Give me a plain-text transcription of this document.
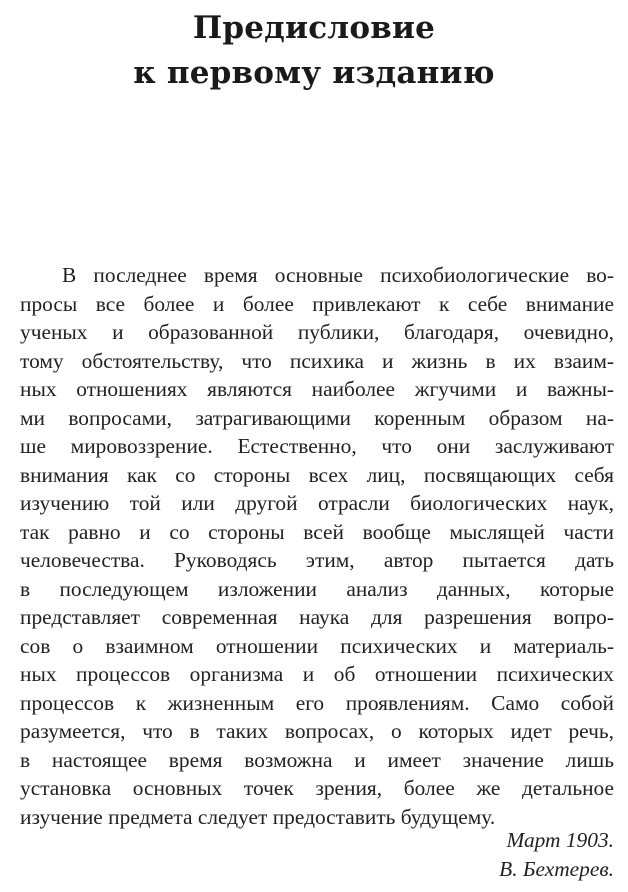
Предисловие
к первому изданию
В последнее время основные психобиологические во-
просы все более и более привлекают к себе внимание
ученых и образованной публики, благодаря, очевидно,
тому обстоятельству, что психика и жизнь в их взаим-
ных отношениях являются наиболее жгучими и важны-
ми вопросами, затрагивающими коренным образом на-
ше мировоззрение. Естественно, что они заслуживают
внимания как со стороны всех лиц, посвящающих себя
изучению той или другой отрасли биологических наук,
так равно и со стороны всей вообще мыслящей части
человечества. Руководясь этим, автор пытается дать
в последующем изложении анализ данных, которые
представляет современная наука для разрешения вопро-
сов о взаимном отношении психических и материаль-
ных процессов организма и об отношении психических
процессов к жизненным его проявлениям. Само собой
разумеется, что в таких вопросах, о которых идет речь,
в настоящее время возможна и имеет значение лишь
установка основных точек зрения, более же детальное
изучение предмета следует предоставить будущему.
Март 1903.
В. Бехтерев.
